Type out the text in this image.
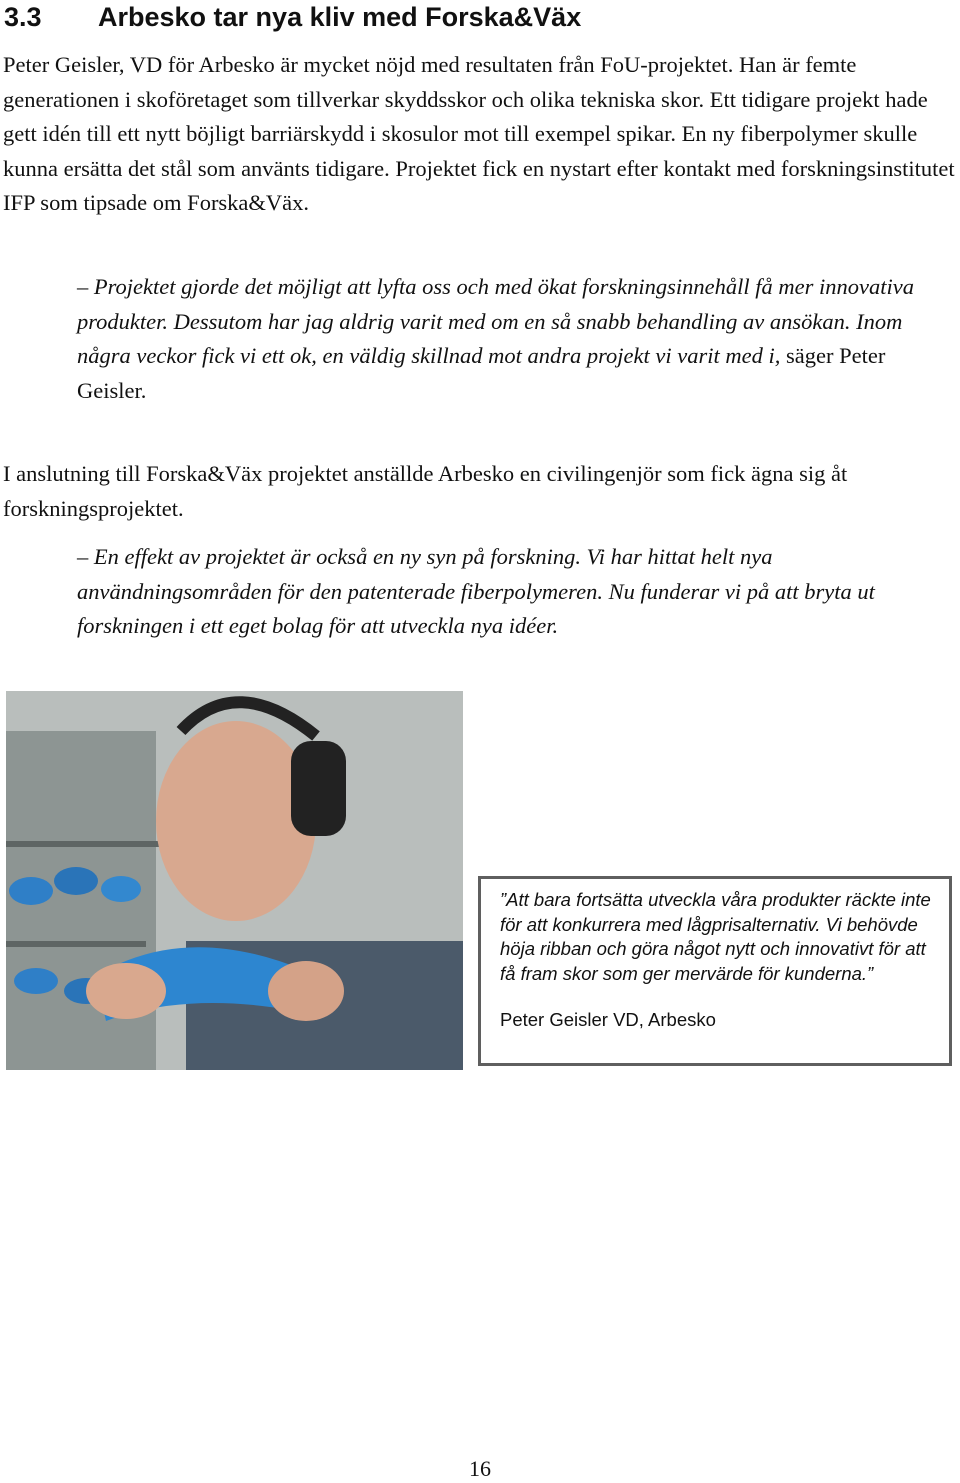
3.3 Arbesko tar nya kliv med Forska&Väx

Peter Geisler, VD för Arbesko är mycket nöjd med resultaten från FoU-projektet. Han är femte generationen i skoföretaget som tillverkar skyddsskor och olika tekniska skor. Ett tidigare projekt hade gett idén till ett nytt böjligt barriärskydd i skosulor mot till exempel spikar. En ny fiberpolymer skulle kunna ersätta det stål som använts tidigare. Projektet fick en nystart efter kontakt med forskningsinstitutet IFP som tipsade om Forska&Väx.

– Projektet gjorde det möjligt att lyfta oss och med ökat forskningsinnehåll få mer innovativa produkter. Dessutom har jag aldrig varit med om en så snabb behandling av ansökan. Inom några veckor fick vi ett ok, en väldig skillnad mot andra projekt vi varit med i, säger Peter Geisler.

I anslutning till Forska&Väx projektet anställde Arbesko en civilingenjör som fick ägna sig åt forskningsprojektet.

– En effekt av projektet är också en ny syn på forskning. Vi har hittat helt nya användningsområden för den patenterade fiberpolymeren. Nu funderar vi på att bryta ut forskningen i ett eget bolag för att utveckla nya idéer.

”Att bara fortsätta utveckla våra produkter räckte inte för att konkurrera med lågprisalternativ. Vi behövde höja ribban och göra något nytt och innovativt för att få fram skor som ger mervärde för kunderna.”

Peter Geisler VD, Arbesko

16
